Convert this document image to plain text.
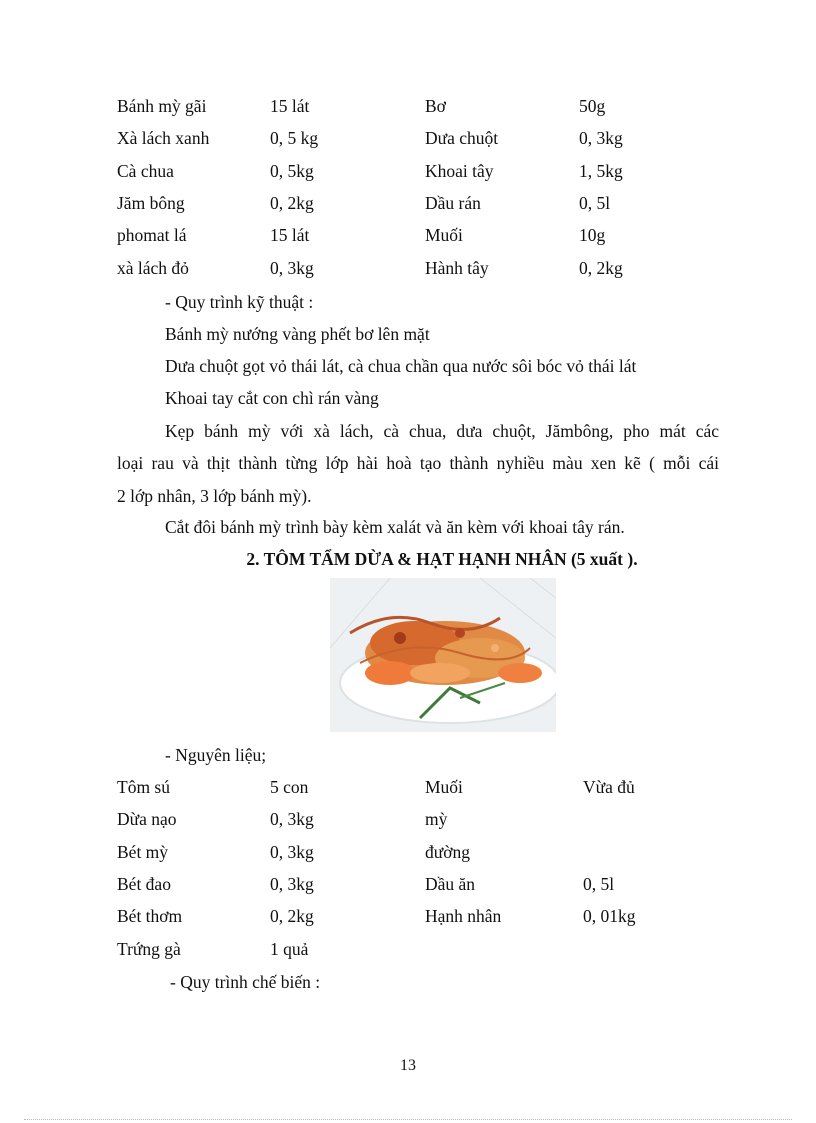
Bánh mỳ gãi	15 lát	Bơ	50g
Xà lách xanh	0, 5 kg	Dưa chuột	0, 3kg
Cà chua	0, 5kg	Khoai tây	1, 5kg
Jăm bông	0, 2kg	Dầu rán	0, 5l
phomat lá	15 lát	Muối	10g
xà lách đỏ	0, 3kg	Hành tây	0, 2kg
- Quy trình kỹ thuật :
Bánh mỳ nướng vàng phết bơ lên mặt
Dưa chuột gọt vỏ thái lát, cà chua chần qua nước sôi bóc vỏ thái lát
Khoai tay cắt con chì rán vàng
Kẹp bánh mỳ với xà lách, cà chua, dưa chuột, Jămbông, pho mát các
loại rau và thịt thành từng lớp hài hoà tạo thành nyhiều màu xen kẽ ( mỗi cái
2 lớp nhân, 3 lớp bánh mỳ).
Cắt đôi bánh mỳ trình bày kèm xalát và ăn kèm với khoai tây rán.
2. TÔM TẨM DỪA & HẠT HẠNH NHÂN (5 xuất ).
- Nguyên liệu;
Tôm sú	5 con	Muối	Vừa đủ
Dừa nạo	0, 3kg	mỳ
Bét mỳ	0, 3kg	đường
Bét đao	0, 3kg	Dầu ăn	0, 5l
Bét thơm	0, 2kg	Hạnh nhân	0, 01kg
Trứng gà	1 quả
- Quy trình chế biến :
13
